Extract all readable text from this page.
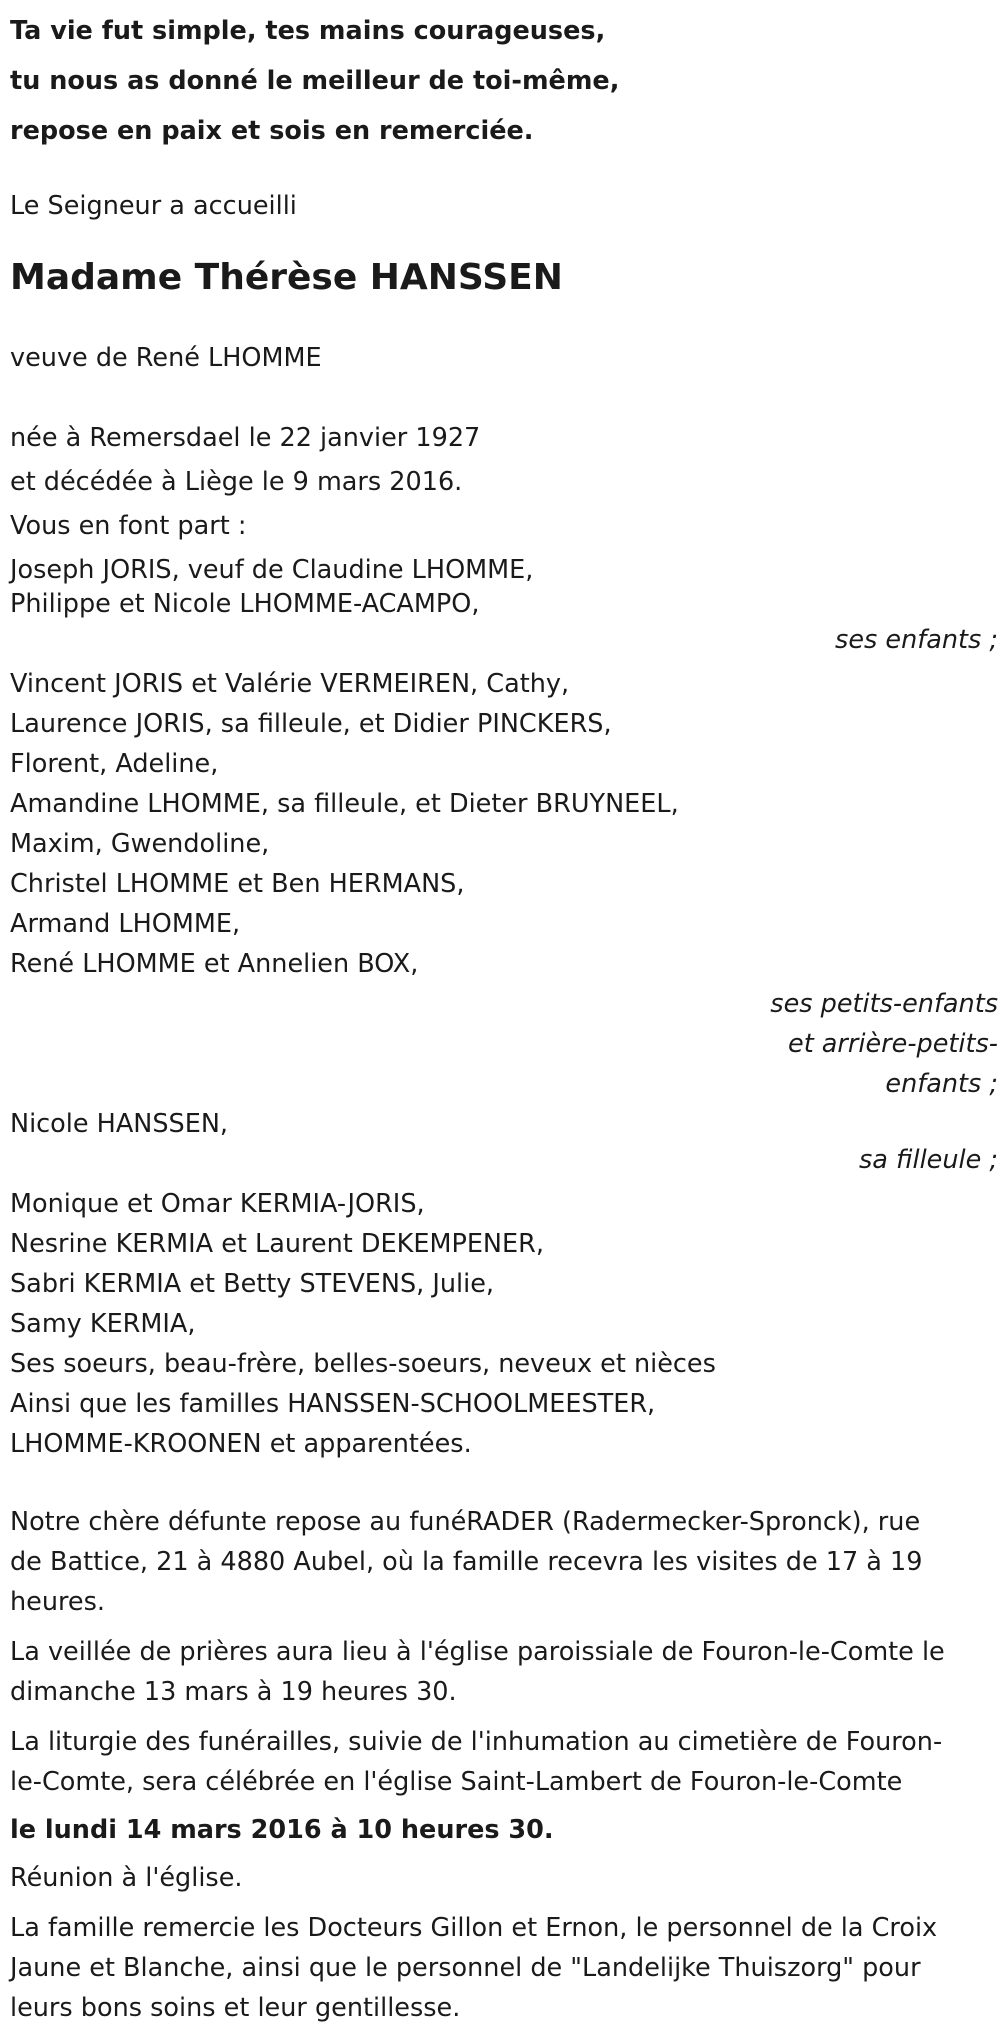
Ta vie fut simple, tes mains courageuses,
tu nous as donné le meilleur de toi-même,
repose en paix et sois en remerciée.
Le Seigneur a accueilli
Madame Thérèse HANSSEN
veuve de René LHOMME
née à Remersdael le 22 janvier 1927
et décédée à Liège le 9 mars 2016.
Vous en font part :
Joseph JORIS, veuf de Claudine LHOMME,
Philippe et Nicole LHOMME-ACAMPO,
ses enfants ;
Vincent JORIS et Valérie VERMEIREN, Cathy,
Laurence JORIS, sa filleule, et Didier PINCKERS,
Florent, Adeline,
Amandine LHOMME, sa filleule, et Dieter BRUYNEEL,
Maxim, Gwendoline,
Christel LHOMME et Ben HERMANS,
Armand LHOMME,
René LHOMME et Annelien BOX,
ses petits-enfants
et arrière-petits-
enfants ;
Nicole HANSSEN,
sa filleule ;
Monique et Omar KERMIA-JORIS,
Nesrine KERMIA et Laurent DEKEMPENER,
Sabri KERMIA et Betty STEVENS, Julie,
Samy KERMIA,
Ses soeurs, beau-frère, belles-soeurs, neveux et nièces
Ainsi que les familles HANSSEN-SCHOOLMEESTER,
LHOMME-KROONEN et apparentées.
Notre chère défunte repose au funéRADER (Radermecker-Spronck), rue
de Battice, 21 à 4880 Aubel, où la famille recevra les visites de 17 à 19
heures.
La veillée de prières aura lieu à l'église paroissiale de Fouron-le-Comte le
dimanche 13 mars à 19 heures 30.
La liturgie des funérailles, suivie de l'inhumation au cimetière de Fouron-
le-Comte, sera célébrée en l'église Saint-Lambert de Fouron-le-Comte
le lundi 14 mars 2016 à 10 heures 30.
Réunion à l'église.
La famille remercie les Docteurs Gillon et Ernon, le personnel de la Croix
Jaune et Blanche, ainsi que le personnel de "Landelijke Thuiszorg" pour
leurs bons soins et leur gentillesse.
